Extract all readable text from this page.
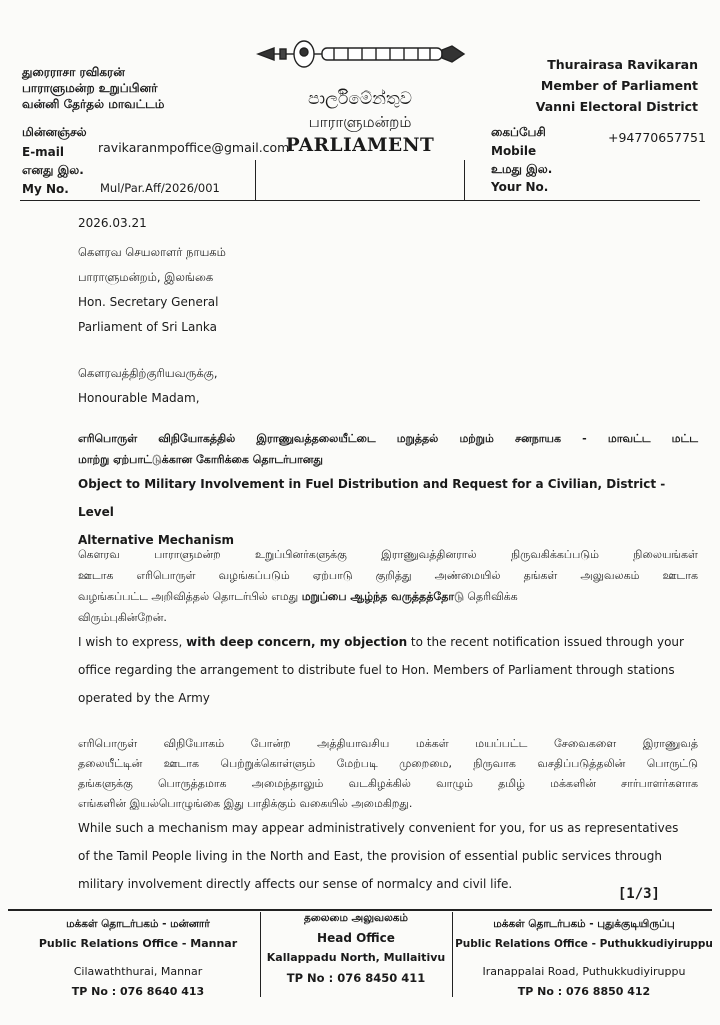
துரைராசா ரவிகரன்
பாராளுமன்ற உறுப்பினர்
வன்னி தேர்தல் மாவட்டம்
Thurairasa Ravikaran
Member of Parliament
Vanni Electoral District
පාර්ලිමේන්තුව
பாராளுமன்றம்
PARLIAMENT
மின்னஞ்சல்
E-mail	ravikaranmpoffice@gmail.com
எனது இல.
My No.	Mul/Par.Aff/2026/001
கைப்பேசி
Mobile
+94770657751
உமது இல.
Your No.
2026.03.21
கௌரவ செயலாளர் நாயகம்
பாராளுமன்றம், இலங்கை
Hon. Secretary General
Parliament of Sri Lanka
கௌரவத்திற்குரியவருக்கு,
Honourable Madam,
எரிபொருள் விநியோகத்தில் இராணுவத்தலையீட்டை மறுத்தல் மற்றும் சனநாயக - மாவட்ட மட்ட
மாற்று ஏற்பாட்டுக்கான கோரிக்கை தொடர்பானது
Object to Military Involvement in Fuel Distribution and Request for a Civilian, District - Level
Alternative Mechanism
கௌரவ பாராளுமன்ற உறுப்பினர்களுக்கு இராணுவத்தினரால் நிருவகிக்கப்படும் நிலையங்கள்
ஊடாக எரிபொருள் வழங்கப்படும் ஏற்பாடு குறித்து அண்மையில் தங்கள் அலுவலகம் ஊடாக
வழங்கப்பட்ட அறிவித்தல் தொடர்பில் எமது மறுப்பை ஆழ்ந்த வருத்தத்தோடு தெரிவிக்க
விரும்புகின்றேன்.
I wish to express, with deep concern, my objection to the recent notification issued through your
office regarding the arrangement to distribute fuel to Hon. Members of Parliament through stations
operated by the Army
எரிபொருள் விநியோகம் போன்ற அத்தியாவசிய மக்கள் மயப்பட்ட சேவைகளை இராணுவத்
தலையீட்டின் ஊடாக பெற்றுக்கொள்ளும் மேற்படி முறைமை, நிருவாக வசதிப்படுத்தலின் பொருட்டு
தங்களுக்கு பொருத்தமாக அமைந்தாலும் வடகிழக்கில் வாழும் தமிழ் மக்களின் சார்பாளர்களாக
எங்களின் இயல்பொழுங்கை இது பாதிக்கும் வகையில் அமைகிறது.
While such a mechanism may appear administratively convenient for you, for us as representatives
of the Tamil People living in the North and East, the provision of essential public services through
military involvement directly affects our sense of normalcy and civil life.
[1/3]
மக்கள் தொடர்பகம் - மன்னார்
Public Relations Office - Mannar
Cilawaththurai, Mannar
TP No : 076 8640 413
தலைமை அலுவலகம்
Head Office
Kallappadu North, Mullaitivu
TP No : 076 8450 411
மக்கள் தொடர்பகம் - புதுக்குடியிருப்பு
Public Relations Office - Puthukkudiyiruppu
Iranappalai Road, Puthukkudiyiruppu
TP No : 076 8850 412
